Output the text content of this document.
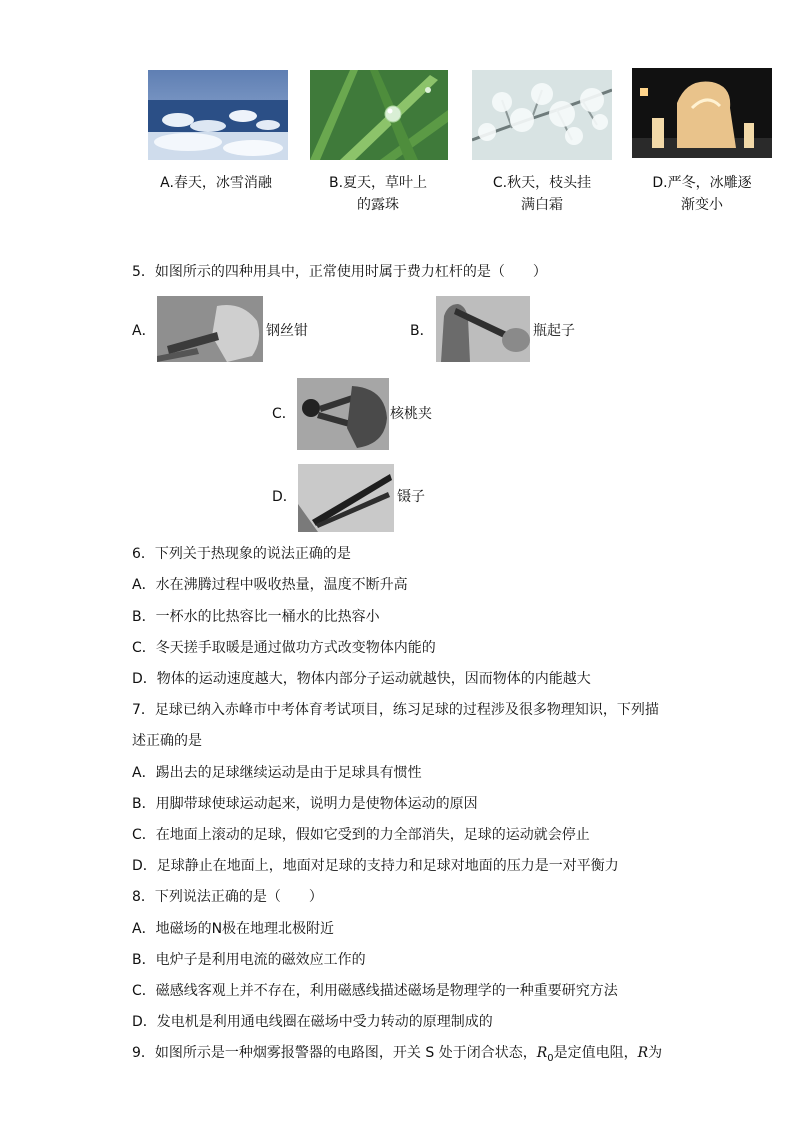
A.春天，冰雪消融	B.夏天，草叶上
的露珠
C.秋天，枝头挂
满白霜
D.严冬，冰雕逐
渐变小
5．如图所示的四种用具中，正常使用时属于费力杠杆的是（　　）
A．	钢丝钳	B．	瓶起子
C．	核桃夹
D．	镊子
6．下列关于热现象的说法正确的是
A．水在沸腾过程中吸收热量，温度不断升高
B．一杯水的比热容比一桶水的比热容小
C．冬天搓手取暖是通过做功方式改变物体内能的
D．物体的运动速度越大，物体内部分子运动就越快，因而物体的内能越大
7．足球已纳入赤峰市中考体育考试项目，练习足球的过程涉及很多物理知识，下列描
述正确的是
A．踢出去的足球继续运动是由于足球具有惯性
B．用脚带球使球运动起来，说明力是使物体运动的原因
C．在地面上滚动的足球，假如它受到的力全部消失，足球的运动就会停止
D．足球静止在地面上，地面对足球的支持力和足球对地面的压力是一对平衡力
8．下列说法正确的是（　　）
A．地磁场的N极在地理北极附近
B．电炉子是利用电流的磁效应工作的
C．磁感线客观上并不存在，利用磁感线描述磁场是物理学的一种重要研究方法
D．发电机是利用通电线圈在磁场中受力转动的原理制成的
9．如图所示是一种烟雾报警器的电路图，开关 S 处于闭合状态，$R_0$是定值电阻，R为
